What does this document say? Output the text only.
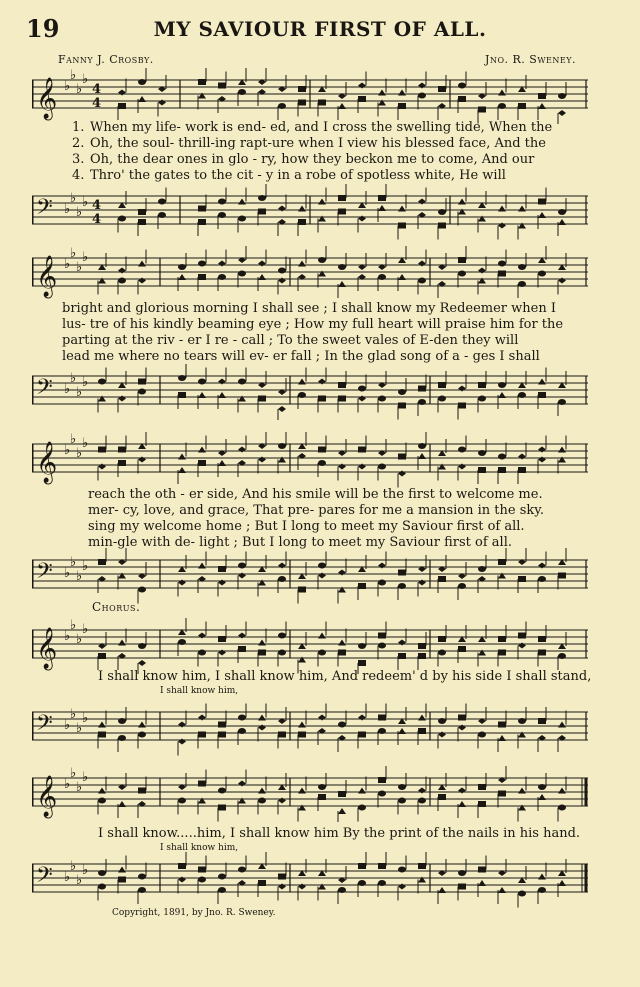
19	MY SAVIOUR FIRST OF ALL.
Fanny J. Crosby.	Jno. R. Sweney.
𝄞 ♭
♭
♭
♭
4
4
1. When my life- work is end- ed, and I cross the swelling tide, When the
2. Oh, the soul- thrill-ing rapt-ure when I view his blessed face, And the
3. Oh, the dear ones in glo - ry, how they beckon me to come, And our
4. Thro' the gates to the cit - y in a robe of spotless white, He will
𝄢 ♭
♭
♭
♭ 4
4
𝄞 ♭
♭
♭
♭
bright and glorious morning I shall see ; I shall know my Redeemer when I
lus- tre of his kindly beaming eye ; How my full heart will praise him for the
parting at the riv - er I re - call ; To the sweet vales of E-den they will
lead me where no tears will ev- er fall ; In the glad song of a - ges I shall
𝄢 ♭
♭
♭
♭
𝄞 ♭
♭
♭
♭
reach the oth - er side, And his smile will be the first to welcome me.
mer- cy, love, and grace, That pre- pares for me a mansion in the sky.
sing my welcome home ; But I long to meet my Saviour first of all.
min-gle with de- light ; But I long to meet my Saviour first of all.
𝄢 ♭
♭
♭
♭
Chorus.
𝄞 ♭
♭
♭
♭
I shall know him, I shall know him, And redeem' d by his side I shall stand,
I shall know him,
𝄢 ♭
♭
♭
♭
𝄞 ♭
♭
♭
♭
I shall know.....him, I shall know him By the print of the nails in his hand.
I shall know him,
𝄢 ♭
♭
♭
♭
Copyright, 1891, by Jno. R. Sweney.
